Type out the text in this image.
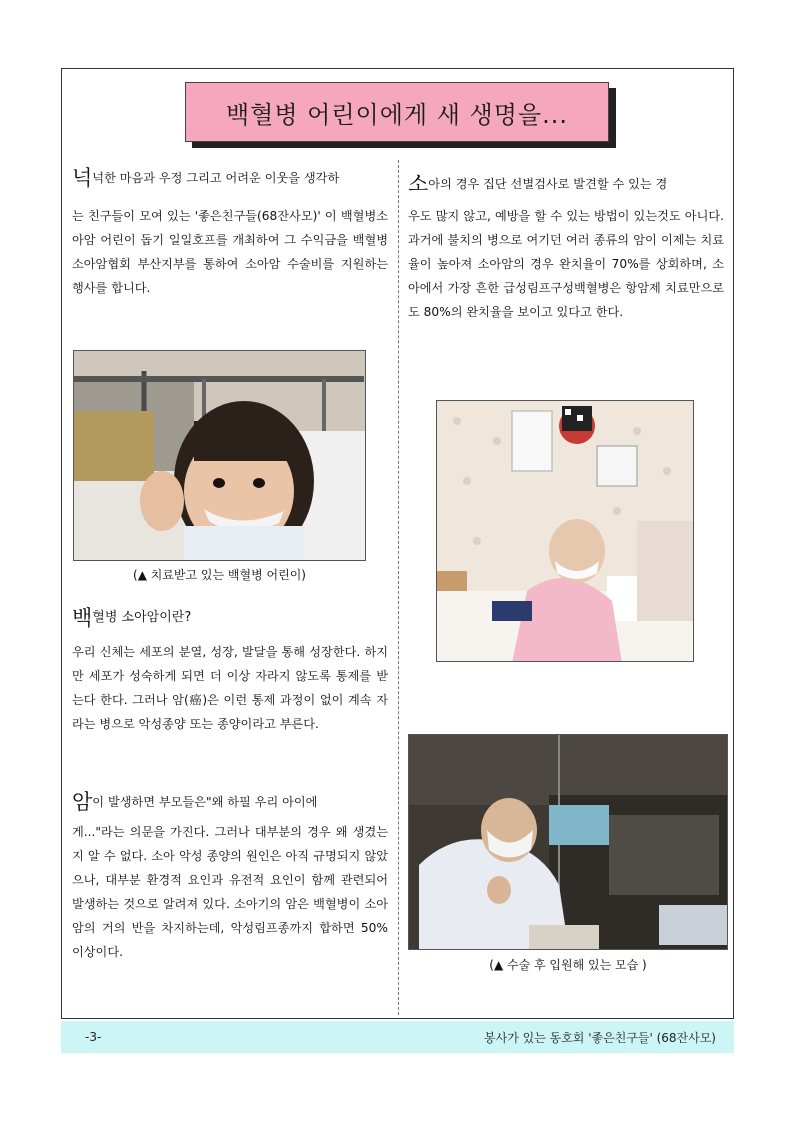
백혈병 어린이에게 새 생명을...
넉 넉한 마음과 우정 그리고 어려운 이웃을 생각하

는 친구들이 모여 있는 '좋은친구들(68잔사모)' 이 백혈병소아암 어린이 돕기 일일호프를 개최하여 그 수익금을 백혈병소아암협회 부산지부를 통하여 소아암 수술비를 지원하는 행사를 합니다.

(▲ 치료받고 있는 백혈병 어린이)
백 혈병 소아암이란?

우리 신체는 세포의 분열, 성장, 발달을 통해 성장한다. 하지만 세포가 성숙하게 되면 더 이상 자라지 않도록 통제를 받는다 한다. 그러나 암(癌)은 이런 통제 과정이 없이 계속 자라는 병으로 악성종양 또는 종양이라고 부른다.

암 이 발생하면 부모들은"왜 하필 우리 아이에

게..."라는 의문을 가진다. 그러나 대부분의 경우 왜 생겼는지 알 수 없다. 소아 악성 종양의 원인은 아직 규명되지 않았으나, 대부분 환경적 요인과 유전적 요인이 함께 관련되어 발생하는 것으로 알려져 있다. 소아기의 암은 백혈병이 소아암의 거의 반을 차지하는데, 악성림프종까지 합하면 50% 이상이다.

소 아의 경우 집단 선별검사로 발견할 수 있는 경

우도 많지 않고, 예방을 할 수 있는 방법이 있는것도 아니다. 과거에 불치의 병으로 여기던 여러 종류의 암이 이제는 치료율이 높아져 소아암의 경우 완치율이 70%를 상회하며, 소아에서 가장 흔한 급성림프구성백혈병은 항암제 치료만으로도 80%의 완치율을 보이고 있다고 한다.

(▲ 수술 후 입원해 있는 모습 )
-3-	봉사가 있는 동호회 '좋은친구들' (68잔사모)
